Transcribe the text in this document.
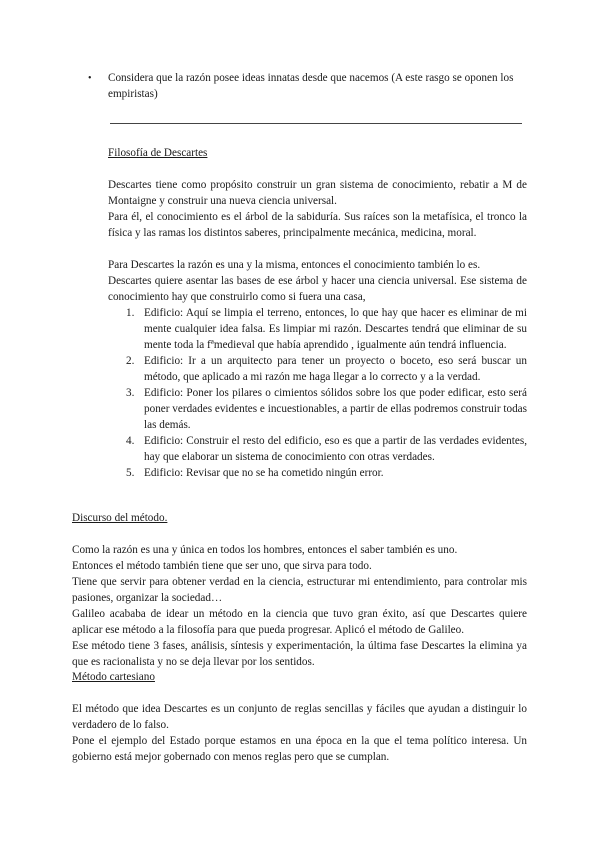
• Considera que la razón posee ideas innatas desde que nacemos (A este rasgo se oponen los empiristas)

Filosofía de Descartes

Descartes tiene como propósito construir un gran sistema de conocimiento, rebatir a M de Montaigne y construir una nueva ciencia universal.

Para él, el conocimiento es el árbol de la sabiduría. Sus raíces son la metafísica, el tronco la física y las ramas los distintos saberes, principalmente mecánica, medicina, moral.

Para Descartes la razón es una y la misma, entonces el conocimiento también lo es.

Descartes quiere asentar las bases de ese árbol y hacer una ciencia universal. Ese sistema de conocimiento hay que construirlo como si fuera una casa,

1. Edificio: Aquí se limpia el terreno, entonces, lo que hay que hacer es eliminar de mi mente cualquier idea falsa. Es limpiar mi razón. Descartes tendrá que eliminar de su mente toda la fªmedieval que había aprendido , igualmente aún tendrá influencia.
2. Edificio: Ir a un arquitecto para tener un proyecto o boceto, eso será buscar un método, que aplicado a mi razón me haga llegar a lo correcto y a la verdad.
3. Edificio: Poner los pilares o cimientos sólidos sobre los que poder edificar, esto será poner verdades evidentes e incuestionables, a partir de ellas podremos construir todas las demás.
4. Edificio: Construir el resto del edificio, eso es que a partir de las verdades evidentes, hay que elaborar un sistema de conocimiento con otras verdades.
5. Edificio: Revisar que no se ha cometido ningún error.

Discurso del método.

Como la razón es una y única en todos los hombres, entonces el saber también es uno.

Entonces el método también tiene que ser uno, que sirva para todo.

Tiene que servir para obtener verdad en la ciencia, estructurar mi entendimiento, para controlar mis pasiones, organizar la sociedad…

Galileo acababa de idear un método en la ciencia que tuvo gran éxito, así que Descartes quiere aplicar ese método a la filosofía para que pueda progresar. Aplicó el método de Galileo.

Ese método tiene 3 fases, análisis, síntesis y experimentación, la última fase Descartes la elimina ya que es racionalista y no se deja llevar por los sentidos.

Método cartesiano

El método que idea Descartes es un conjunto de reglas sencillas y fáciles que ayudan a distinguir lo verdadero de lo falso.

Pone el ejemplo del Estado porque estamos en una época en la que el tema político interesa. Un gobierno está mejor gobernado con menos reglas pero que se cumplan.
